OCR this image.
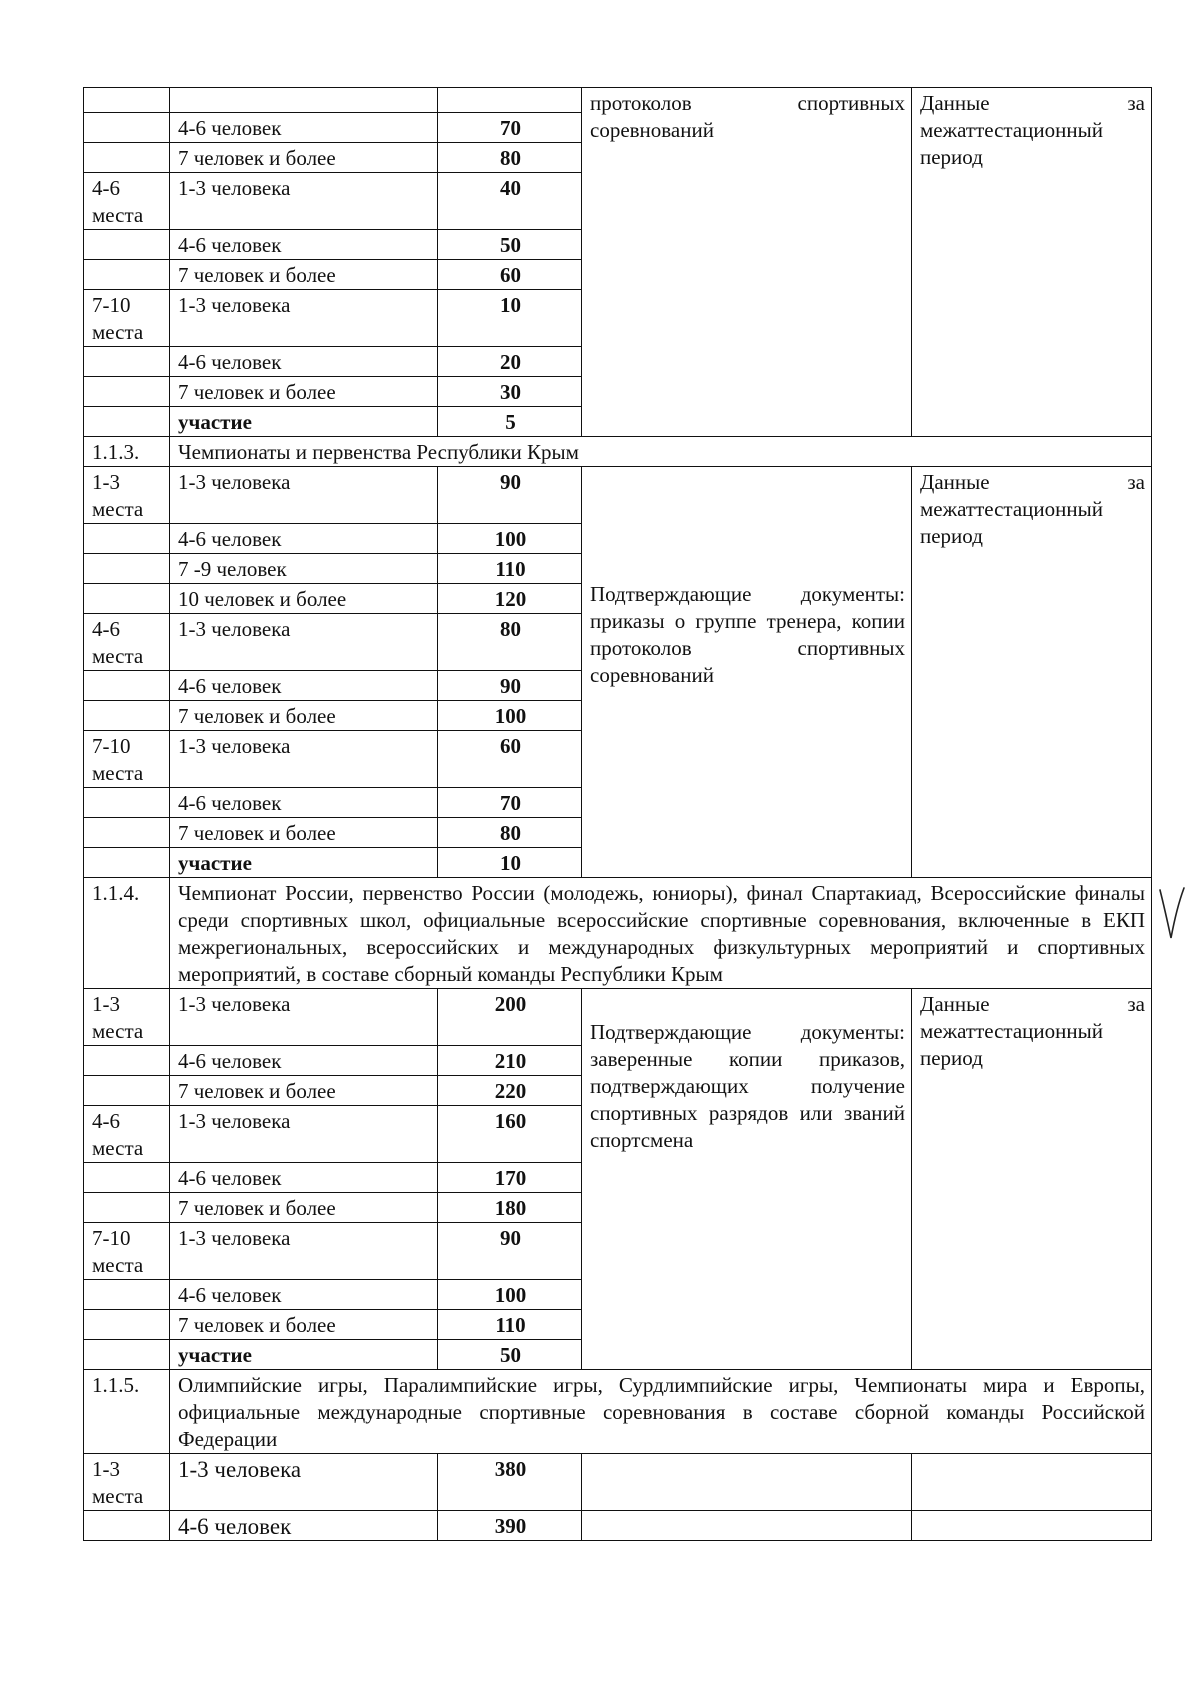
			протоколов спортивных соревнований	Данные за межаттестационный период
	4-6 человек	70		
	7 человек и более	80		
4-6 места	1-3 человека	40		
	4-6 человек	50		
	7 человек и более	60		
7-10 места	1-3 человека	10		
	4-6 человек	20		
	7 человек и более	30		
	участие	5		
1.1.3.	Чемпионаты и первенства Республики Крым			
1-3 места	1-3 человека	90	Подтверждающие документы: приказы о группе тренера, копии протоколов спортивных соревнований	Данные за межаттестационный период
	4-6 человек	100		
	7 -9 человек	110		
	10 человек и более	120		
4-6 места	1-3 человека	80		
	4-6 человек	90		
	7 человек и более	100		
7-10 места	1-3 человека	60		
	4-6 человек	70		
	7 человек и более	80		
	участие	10		
1.1.4.	Чемпионат России, первенство России (молодежь, юниоры), финал Спартакиад, Всероссийские финалы среди спортивных школ, официальные всероссийские спортивные соревнования, включенные в ЕКП межрегиональных, всероссийских и международных физкультурных мероприятий и спортивных мероприятий, в составе сборный команды Республики Крым			
1-3 места	1-3 человека	200	Подтверждающие документы: заверенные копии приказов, подтверждающих получение спортивных разрядов или званий спортсмена	Данные за межаттестационный период
	4-6 человек	210		
	7 человек и более	220		
4-6 места	1-3 человека	160		
	4-6 человек	170		
	7 человек и более	180		
7-10 места	1-3 человека	90		
	4-6 человек	100		
	7 человек и более	110		
	участие	50		
1.1.5.	Олимпийские игры, Паралимпийские игры, Сурдлимпийские игры, Чемпионаты мира и Европы, официальные международные спортивные соревнования в составе сборной команды Российской Федерации			
1-3 места	1-3 человека	380		
	4-6 человек	390		
